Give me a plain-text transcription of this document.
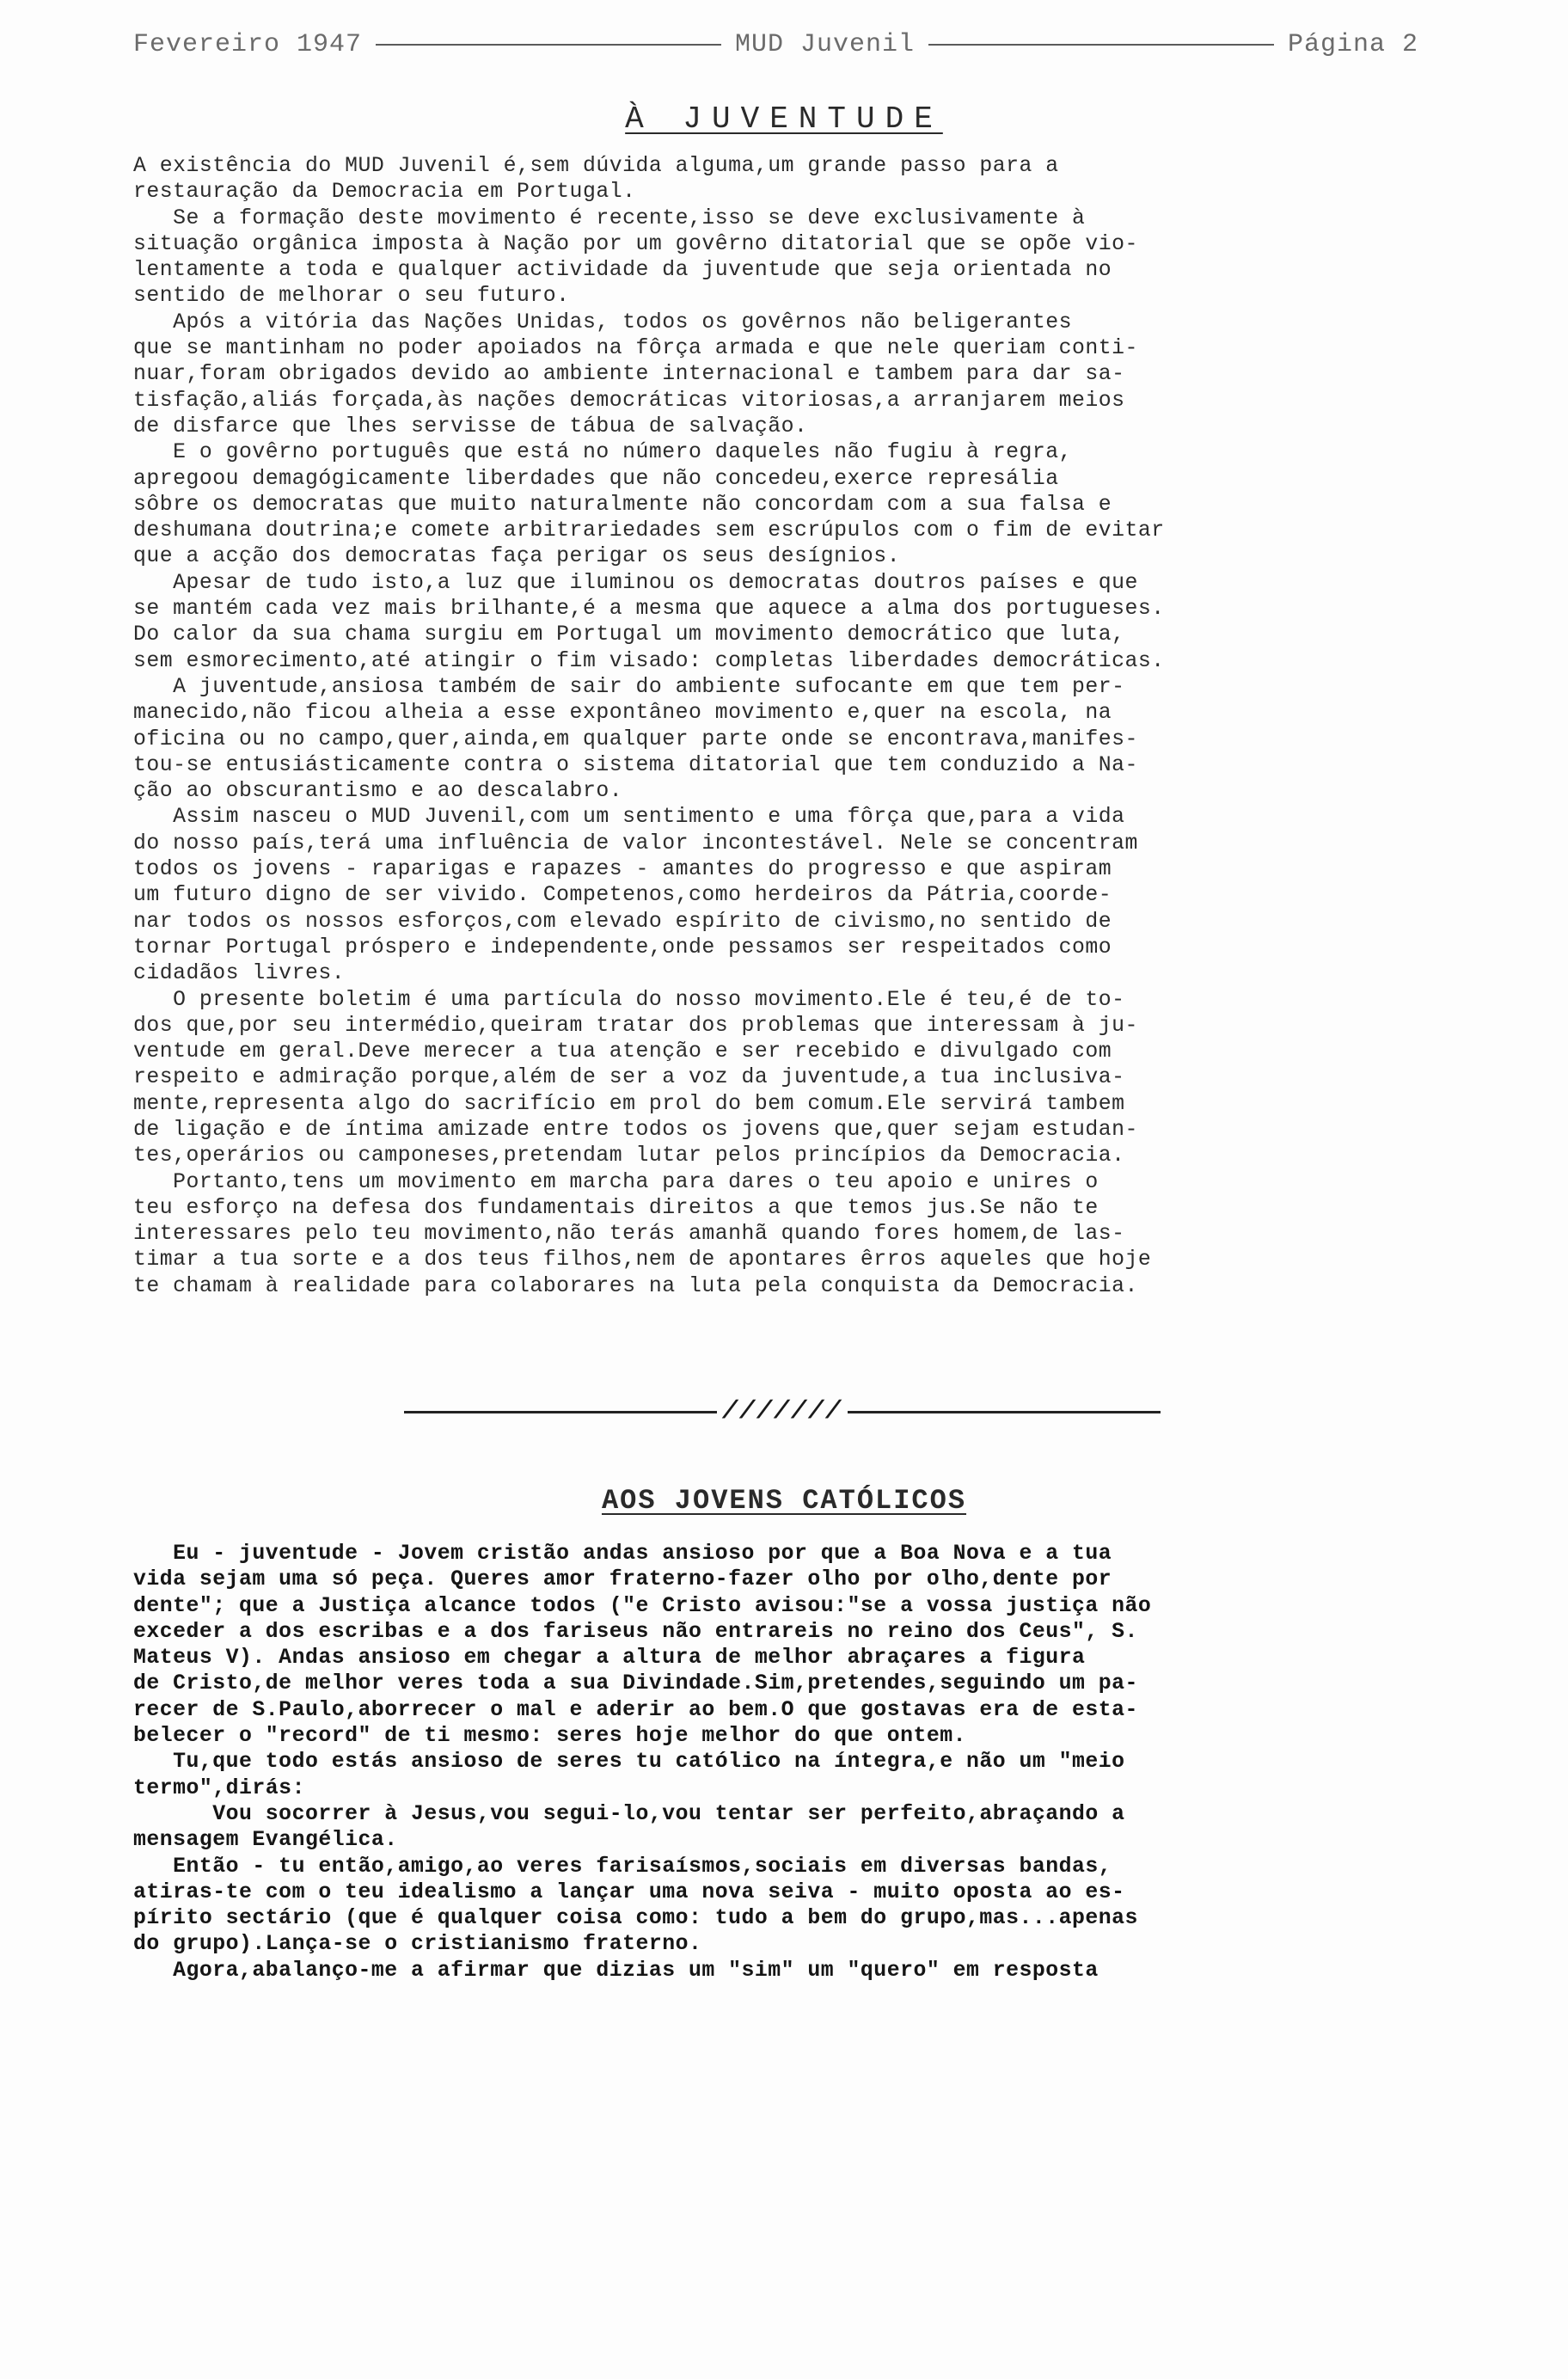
Fevereiro 1947	MUD Juvenil	Página 2
À JUVENTUDE
A existência do MUD Juvenil é,sem dúvida alguma,um grande passo para a
restauração da Democracia em Portugal.
Se a formação deste movimento é recente,isso se deve exclusivamente à
situação orgânica imposta à Nação por um govêrno ditatorial que se opõe vio-
lentamente a toda e qualquer actividade da juventude que seja orientada no
sentido de melhorar o seu futuro.
Após a vitória das Nações Unidas, todos os govêrnos não beligerantes
que se mantinham no poder apoiados na fôrça armada e que nele queriam conti-
nuar,foram obrigados devido ao ambiente internacional e tambem para dar sa-
tisfação,aliás forçada,às nações democráticas vitoriosas,a arranjarem meios
de disfarce que lhes servisse de tábua de salvação.
E o govêrno português que está no número daqueles não fugiu à regra,
apregoou demagógicamente liberdades que não concedeu,exerce represália
sôbre os democratas que muito naturalmente não concordam com a sua falsa e
deshumana doutrina;e comete arbitrariedades sem escrúpulos com o fim de evitar
que a acção dos democratas faça perigar os seus desígnios.
Apesar de tudo isto,a luz que iluminou os democratas doutros países e que
se mantém cada vez mais brilhante,é a mesma que aquece a alma dos portugueses.
Do calor da sua chama surgiu em Portugal um movimento democrático que luta,
sem esmorecimento,até atingir o fim visado: completas liberdades democráticas.
A juventude,ansiosa também de sair do ambiente sufocante em que tem per-
manecido,não ficou alheia a esse expontâneo movimento e,quer na escola, na
oficina ou no campo,quer,ainda,em qualquer parte onde se encontrava,manifes-
tou-se entusiásticamente contra o sistema ditatorial que tem conduzido a Na-
ção ao obscurantismo e ao descalabro.
Assim nasceu o MUD Juvenil,com um sentimento e uma fôrça que,para a vida
do nosso país,terá uma influência de valor incontestável. Nele se concentram
todos os jovens - raparigas e rapazes - amantes do progresso e que aspiram
um futuro digno de ser vivido. Competenos,como herdeiros da Pátria,coorde-
nar todos os nossos esforços,com elevado espírito de civismo,no sentido de
tornar Portugal próspero e independente,onde pessamos ser respeitados como
cidadãos livres.
O presente boletim é uma partícula do nosso movimento.Ele é teu,é de to-
dos que,por seu intermédio,queiram tratar dos problemas que interessam à ju-
ventude em geral.Deve merecer a tua atenção e ser recebido e divulgado com
respeito e admiração porque,além de ser a voz da juventude,a tua inclusiva-
mente,representa algo do sacrifício em prol do bem comum.Ele servirá tambem
de ligação e de íntima amizade entre todos os jovens que,quer sejam estudan-
tes,operários ou camponeses,pretendam lutar pelos princípios da Democracia.
Portanto,tens um movimento em marcha para dares o teu apoio e unires o
teu esforço na defesa dos fundamentais direitos a que temos jus.Se não te
interessares pelo teu movimento,não terás amanhã quando fores homem,de las-
timar a tua sorte e a dos teus filhos,nem de apontares êrros aqueles que hoje
te chamam à realidade para colaborares na luta pela conquista da Democracia.
///////
AOS JOVENS CATÓLICOS
Eu - juventude - Jovem cristão andas ansioso por que a Boa Nova e a tua
vida sejam uma só peça. Queres amor fraterno-fazer olho por olho,dente por
dente"; que a Justiça alcance todos ("e Cristo avisou:"se a vossa justiça não
exceder a dos escribas e a dos fariseus não entrareis no reino dos Ceus", S.
Mateus V). Andas ansioso em chegar a altura de melhor abraçares a figura
de Cristo,de melhor veres toda a sua Divindade.Sim,pretendes,seguindo um pa-
recer de S.Paulo,aborrecer o mal e aderir ao bem.O que gostavas era de esta-
belecer o "record" de ti mesmo: seres hoje melhor do que ontem.
Tu,que todo estás ansioso de seres tu católico na íntegra,e não um "meio
termo",dirás:
Vou socorrer à Jesus,vou segui-lo,vou tentar ser perfeito,abraçando a
mensagem Evangélica.
Então - tu então,amigo,ao veres farisaísmos,sociais em diversas bandas,
atiras-te com o teu idealismo a lançar uma nova seiva - muito oposta ao es-
pírito sectário (que é qualquer coisa como: tudo a bem do grupo,mas...apenas
do grupo).Lança-se o cristianismo fraterno.
Agora,abalanço-me a afirmar que dizias um "sim" um "quero" em resposta
